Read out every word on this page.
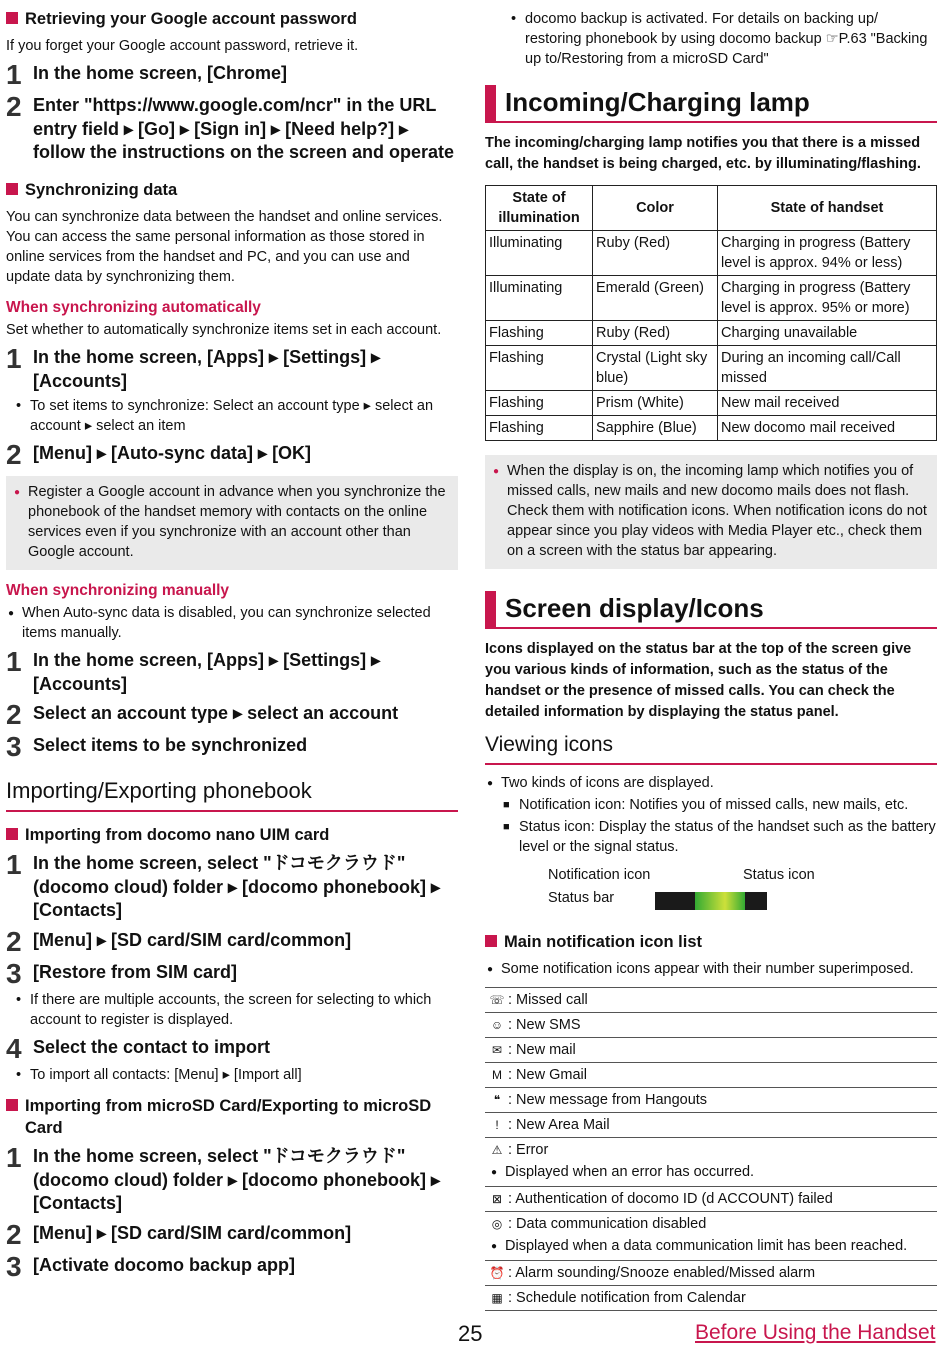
Retrieving your Google account password
If you forget your Google account password, retrieve it.
1 In the home screen, [Chrome]
2 Enter "https://www.google.com/ncr" in the URL entry field ▸ [Go] ▸ [Sign in] ▸ [Need help?] ▸ follow the instructions on the screen and operate
Synchronizing data
You can synchronize data between the handset and online services. You can access the same personal information as those stored in online services from the handset and PC, and you can use and update data by synchronizing them.
When synchronizing automatically
Set whether to automatically synchronize items set in each account.
1 In the home screen, [Apps] ▸ [Settings] ▸ [Accounts]
• To set items to synchronize: Select an account type ▸ select an account ▸ select an item
2 [Menu] ▸ [Auto-sync data] ▸ [OK]
● Register a Google account in advance when you synchronize the phonebook of the handset memory with contacts on the online services even if you synchronize with an account other than Google account.
When synchronizing manually
● When Auto-sync data is disabled, you can synchronize selected items manually.
1 In the home screen, [Apps] ▸ [Settings] ▸ [Accounts]
2 Select an account type ▸ select an account
3 Select items to be synchronized
Importing/Exporting phonebook
Importing from docomo nano UIM card
1 In the home screen, select "ドコモクラウド" (docomo cloud) folder ▸ [docomo phonebook] ▸ [Contacts]
2 [Menu] ▸ [SD card/SIM card/common]
3 [Restore from SIM card]
• If there are multiple accounts, the screen for selecting to which account to register is displayed.
4 Select the contact to import
• To import all contacts: [Menu] ▸ [Import all]
Importing from microSD Card/Exporting to microSD Card
1 In the home screen, select "ドコモクラウド" (docomo cloud) folder ▸ [docomo phonebook] ▸ [Contacts]
2 [Menu] ▸ [SD card/SIM card/common]
3 [Activate docomo backup app]
• docomo backup is activated. For details on backing up/ restoring phonebook by using docomo backup ☞P.63 "Backing up to/Restoring from a microSD Card"
Incoming/Charging lamp
The incoming/charging lamp notifies you that there is a missed call, the handset is being charged, etc. by illuminating/flashing.
State of illumination	Color	State of handset
Illuminating	Ruby (Red)	Charging in progress (Battery level is approx. 94% or less)
Illuminating	Emerald (Green)	Charging in progress (Battery level is approx. 95% or more)
Flashing	Ruby (Red)	Charging unavailable
Flashing	Crystal (Light sky blue)	During an incoming call/Call missed
Flashing	Prism (White)	New mail received
Flashing	Sapphire (Blue)	New docomo mail received
● When the display is on, the incoming lamp which notifies you of missed calls, new mails and new docomo mails does not flash. Check them with notification icons. When notification icons do not appear since you play videos with Media Player etc., check them on a screen with the status bar appearing.
Screen display/Icons
Icons displayed on the status bar at the top of the screen give you various kinds of information, such as the status of the handset or the presence of missed calls. You can check the detailed information by displaying the status panel.
Viewing icons
● Two kinds of icons are displayed.
■ Notification icon: Notifies you of missed calls, new mails, etc.
■ Status icon: Display the status of the handset such as the battery level or the signal status.
Notification icon	Status icon
Status bar
Main notification icon list
● Some notification icons appear with their number superimposed.
☏ : Missed call
☺ : New SMS
✉ : New mail
M : New Gmail
❝ : New message from Hangouts
! : New Area Mail
⚠ : Error
● Displayed when an error has occurred.
⊠ : Authentication of docomo ID (d ACCOUNT) failed
◎ : Data communication disabled
● Displayed when a data communication limit has been reached.
⏰ : Alarm sounding/Snooze enabled/Missed alarm
▦ : Schedule notification from Calendar
25	Before Using the Handset
